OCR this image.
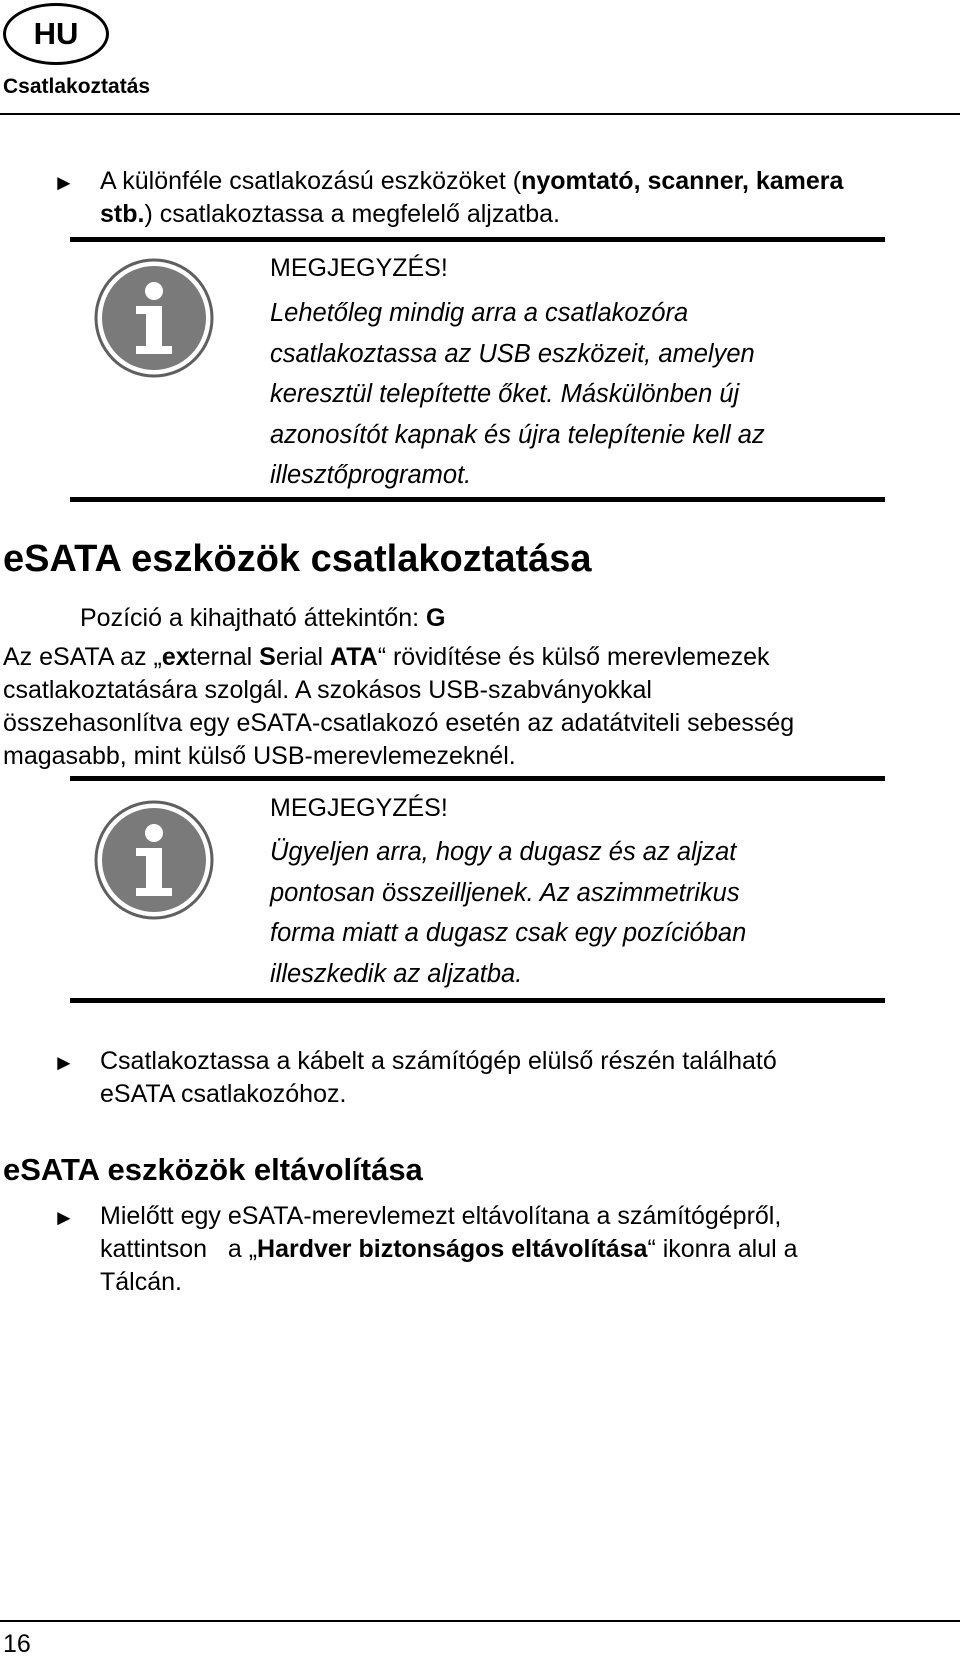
HU
Csatlakoztatás
► A különféle csatlakozású eszközöket (nyomtató, scanner, kamera
stb.) csatlakoztassa a megfelelő aljzatba.
MEGJEGYZÉS!
Lehetőleg mindig arra a csatlakozóra
csatlakoztassa az USB eszközeit, amelyen
keresztül telepítette őket. Máskülönben új
azonosítót kapnak és újra telepítenie kell az
illesztőprogramot.
eSATA eszközök csatlakoztatása
Pozíció a kihajtható áttekintőn: G
Az eSATA az „external Serial ATA“ rövidítése és külső merevlemezek
csatlakoztatására szolgál. A szokásos USB-szabványokkal
összehasonlítva egy eSATA-csatlakozó esetén az adatátviteli sebesség
magasabb, mint külső USB-merevlemezeknél.
MEGJEGYZÉS!
Ügyeljen arra, hogy a dugasz és az aljzat
pontosan összeilljenek. Az aszimmetrikus
forma miatt a dugasz csak egy pozícióban
illeszkedik az aljzatba.
► Csatlakoztassa a kábelt a számítógép elülső részén található
eSATA csatlakozóhoz.
eSATA eszközök eltávolítása
► Mielőtt egy eSATA-merevlemezt eltávolítana a számítógépről,
kattintson   a „Hardver biztonságos eltávolítása“ ikonra alul a
Tálcán.
16
